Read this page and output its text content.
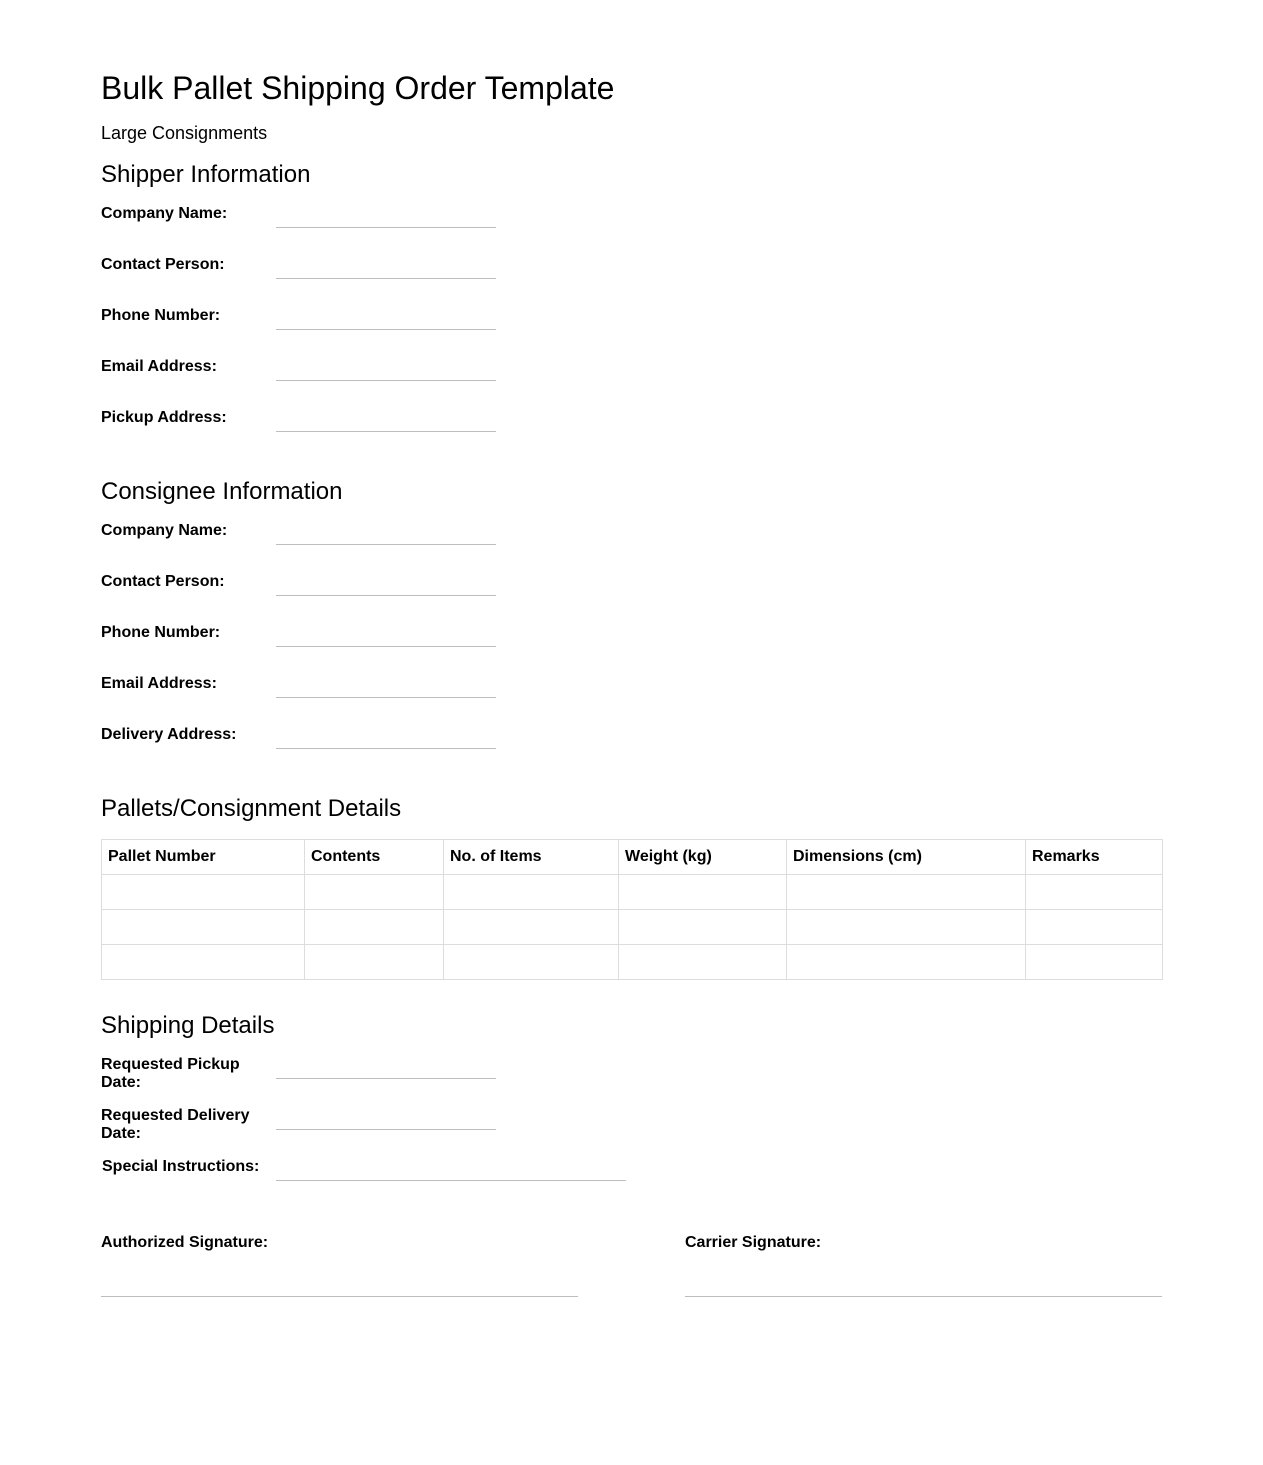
Bulk Pallet Shipping Order Template

Large Consignments

Shipper Information
Company Name:
Contact Person:
Phone Number:
Email Address:
Pickup Address:
Consignee Information
Company Name:
Contact Person:
Phone Number:
Email Address:
Delivery Address:
Pallets/Consignment Details
Pallet Number	Contents	No. of Items	Weight (kg)	Dimensions (cm)	Remarks

Shipping Details
Requested Pickup Date:
Requested Delivery Date:
Special Instructions:
Authorized Signature:	Carrier Signature:
